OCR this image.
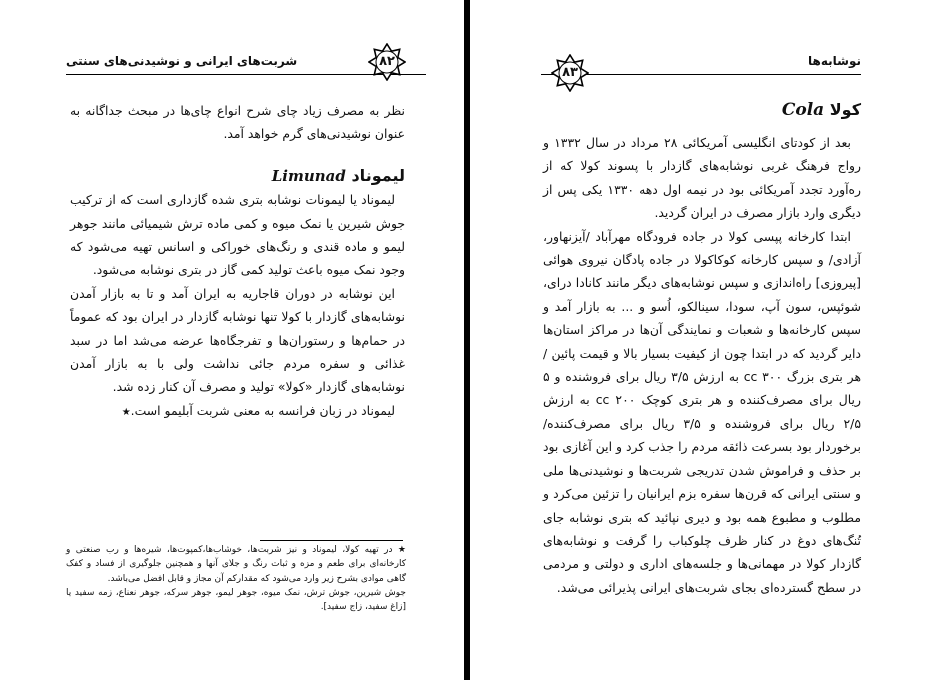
شربت‌های ایرانی و نوشیدنی‌های سنتی	۸۲

نظر به مصرف زیاد چای شرح انواع چای‌ها در مبحث جداگانه به عنوان نوشیدنی‌های گرم خواهد آمد.

لیموناد Limunad

لیموناد یا لیمونات نوشابه بتری شده گازداری است که از ترکیب جوش شیرین یا نمک میوه و کمی ماده ترش شیمیائی مانند جوهر لیمو و ماده قندی و رنگ‌های خوراکی و اسانس تهیه می‌شود که وجود نمک میوه باعث تولید کمی گاز در بتری نوشابه می‌شود.

این نوشابه در دوران قاجاریه به ایران آمد و تا به بازار آمدن نوشابه‌های گازدار با کولا تنها نوشابه گازدار در ایران بود که عموماً در حمام‌ها و رستوران‌ها و تفرجگاه‌ها عرضه می‌شد اما در سبد غذائی و سفره مردم جائی نداشت ولی با به بازار آمدن نوشابه‌های گازدار «کولا» تولید و مصرف آن کنار زده شد.

لیموناد در زبان فرانسه به معنی شربت آبلیمو است.★

★ در تهیه کولا، لیموناد و نیز شربت‌ها، خوشاب‌ها،کمپوت‌ها، شیره‌ها و رب صنعتی و کارخانه‌ای برای طعم و مزه و ثبات رنگ و جلای آنها و همچنین جلوگیری از فساد و کفک گاهی موادی بشرح زیر وارد می‌شود که مقدارکم آن مجاز و قابل افضل می‌باشد.

جوش شیرین، جوش ترش، نمک میوه، جوهر لیمو، جوهر سرکه، جوهر نعناع، زمه سفید یا [زاغ سفید، زاج سفید].

نوشابه‌ها
۸۳
کولا Cola

بعد از کودتای انگلیسی آمریکائی ۲۸ مرداد در سال ۱۳۳۲ و رواج فرهنگ غربی نوشابه‌های گازدار با پسوند کولا که از ره‌آورد تجدد آمریکائی بود در نیمه اول دهه ۱۳۳۰ یکی پس از دیگری وارد بازار مصرف در ایران گردید.

ابتدا کارخانه پپسی کولا در جاده فرودگاه مهرآباد /آیزنهاور، آزادی/ و سپس کارخانه کوکاکولا در جاده پادگان نیروی هوائی [پیروزی] راه‌اندازی و سپس نوشابه‌های دیگر مانند کانادا درای، شوئپس، سون آپ، سودا، سینالکو، اُسو و ... به بازار آمد و سپس کارخانه‌ها و شعبات و نمایندگی آن‌ها در مراکز استان‌ها دایر گردید که در ابتدا چون از کیفیت بسیار بالا و قیمت پائین /هر بتری بزرگ cc ۳۰۰ به ارزش ۳/۵ ریال برای فروشنده و ۵ ریال برای مصرف‌کننده و هر بتری کوچک cc ۲۰۰ به ارزش ۲/۵ ریال برای فروشنده و ۳/۵ ریال برای مصرف‌کننده/ برخوردار بود بسرعت ذائقه مردم را جذب کرد و این آغازی بود بر حذف و فراموش شدن تدریجی شربت‌ها و نوشیدنی‌ها ملی و سنتی ایرانی که قرن‌ها سفره بزم ایرانیان را تزئین می‌کرد و مطلوب و مطبوع همه بود و دیری نپائید که بتری نوشابه جای تُنگ‌های دوغ در کنار ظرف چلوکباب را گرفت و نوشابه‌های گازدار کولا در مهمانی‌ها و جلسه‌های اداری و دولتی و مردمی در سطح گسترده‌ای بجای شربت‌های ایرانی پذیرائی می‌شد.
